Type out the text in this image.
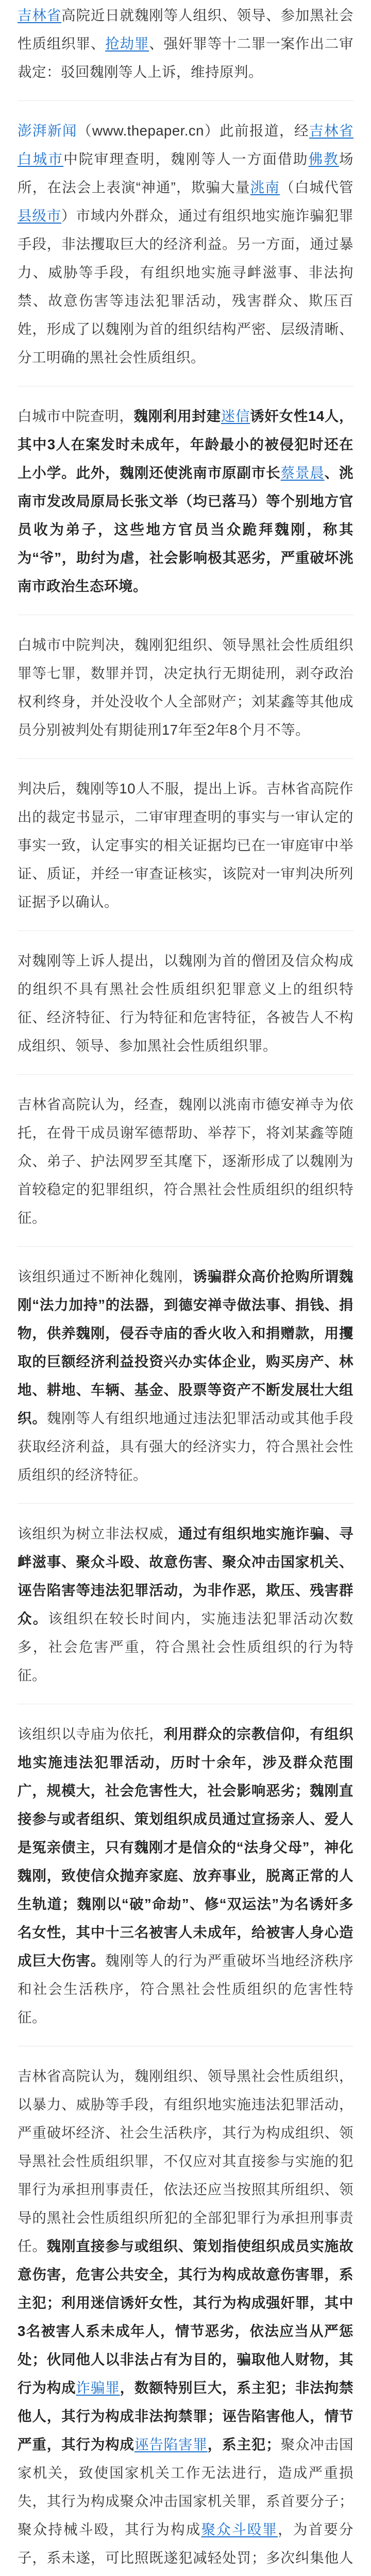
吉林省高院近日就魏刚等人组织、领导、参加黑社会性质组织罪、抢劫罪、强奸罪等十二罪一案作出二审裁定：驳回魏刚等人上诉，维持原判。

澎湃新闻（www.thepaper.cn）此前报道，经吉林省白城市中院审理查明，魏刚等人一方面借助佛教场所，在法会上表演“神通”，欺骗大量洮南（白城代管县级市）市域内外群众，通过有组织地实施诈骗犯罪手段，非法攫取巨大的经济利益。另一方面，通过暴力、威胁等手段，有组织地实施寻衅滋事、非法拘禁、故意伤害等违法犯罪活动，残害群众、欺压百姓，形成了以魏刚为首的组织结构严密、层级清晰、分工明确的黑社会性质组织。

白城市中院查明，魏刚利用封建迷信诱奸女性14人，其中3人在案发时未成年，年龄最小的被侵犯时还在上小学。此外，魏刚还使洮南市原副市长蔡景晨、洮南市发改局原局长张文举（均已落马）等个别地方官员收为弟子，这些地方官员当众跪拜魏刚，称其为“爷”，助纣为虐，社会影响极其恶劣，严重破坏洮南市政治生态环境。

白城市中院判决，魏刚犯组织、领导黑社会性质组织罪等七罪，数罪并罚，决定执行无期徒刑，剥夺政治权利终身，并处没收个人全部财产；刘某鑫等其他成员分别被判处有期徒刑17年至2年8个月不等。

判决后，魏刚等10人不服，提出上诉。吉林省高院作出的裁定书显示，二审审理查明的事实与一审认定的事实一致，认定事实的相关证据均已在一审庭审中举证、质证，并经一审查证核实，该院对一审判决所列证据予以确认。

对魏刚等上诉人提出，以魏刚为首的僧团及信众构成的组织不具有黑社会性质组织犯罪意义上的组织特征、经济特征、行为特征和危害特征，各被告人不构成组织、领导、参加黑社会性质组织罪。

吉林省高院认为，经查，魏刚以洮南市德安禅寺为依托，在骨干成员谢军德帮助、举荐下，将刘某鑫等随众、弟子、护法网罗至其麾下，逐渐形成了以魏刚为首较稳定的犯罪组织，符合黑社会性质组织的组织特征。

该组织通过不断神化魏刚，诱骗群众高价抢购所谓魏刚“法力加持”的法器，到德安禅寺做法事、捐钱、捐物，供养魏刚，侵吞寺庙的香火收入和捐赠款，用攫取的巨额经济利益投资兴办实体企业，购买房产、林地、耕地、车辆、基金、股票等资产不断发展壮大组织。魏刚等人有组织地通过违法犯罪活动或其他手段获取经济利益，具有强大的经济实力，符合黑社会性质组织的经济特征。

该组织为树立非法权威，通过有组织地实施诈骗、寻衅滋事、聚众斗殴、故意伤害、聚众冲击国家机关、诬告陷害等违法犯罪活动，为非作恶，欺压、残害群众。该组织在较长时间内，实施违法犯罪活动次数多，社会危害严重，符合黑社会性质组织的行为特征。

该组织以寺庙为依托，利用群众的宗教信仰，有组织地实施违法犯罪活动，历时十余年，涉及群众范围广，规模大，社会危害性大，社会影响恶劣；魏刚直接参与或者组织、策划组织成员通过宣扬亲人、爱人是冤亲债主，只有魏刚才是信众的“法身父母”，神化魏刚，致使信众抛弃家庭、放弃事业，脱离正常的人生轨道；魏刚以“破”命劫”、修“双运法”为名诱奸多名女性，其中十三名被害人未成年，给被害人身心造成巨大伤害。魏刚等人的行为严重破坏当地经济秩序和社会生活秩序，符合黑社会性质组织的危害性特征。

吉林省高院认为，魏刚组织、领导黑社会性质组织，以暴力、威胁等手段，有组织地实施违法犯罪活动，严重破坏经济、社会生活秩序，其行为构成组织、领导黑社会性质组织罪，不仅应对其直接参与实施的犯罪行为承担刑事责任，依法还应当按照其所组织、领导的黑社会性质组织所犯的全部犯罪行为承担刑事责任。魏刚直接参与或组织、策划指使组织成员实施故意伤害，危害公共安全，其行为构成故意伤害罪，系主犯；利用迷信诱奸女性，其行为构成强奸罪，其中3名被害人系未成年人，情节恶劣，依法应当从严惩处；伙同他人以非法占有为目的，骗取他人财物，其行为构成诈骗罪，数额特别巨大，系主犯；非法拘禁他人，其行为构成非法拘禁罪；诬告陷害他人，情节严重，其行为构成诬告陷害罪，系主犯；聚众冲击国家机关，致使国家机关工作无法进行，造成严重损失，其行为构成聚众冲击国家机关罪，系首要分子；聚众持械斗殴，其行为构成聚众斗殴罪，为首要分子，系未遂，可比照既遂犯减轻处罚；多次纠集他人
